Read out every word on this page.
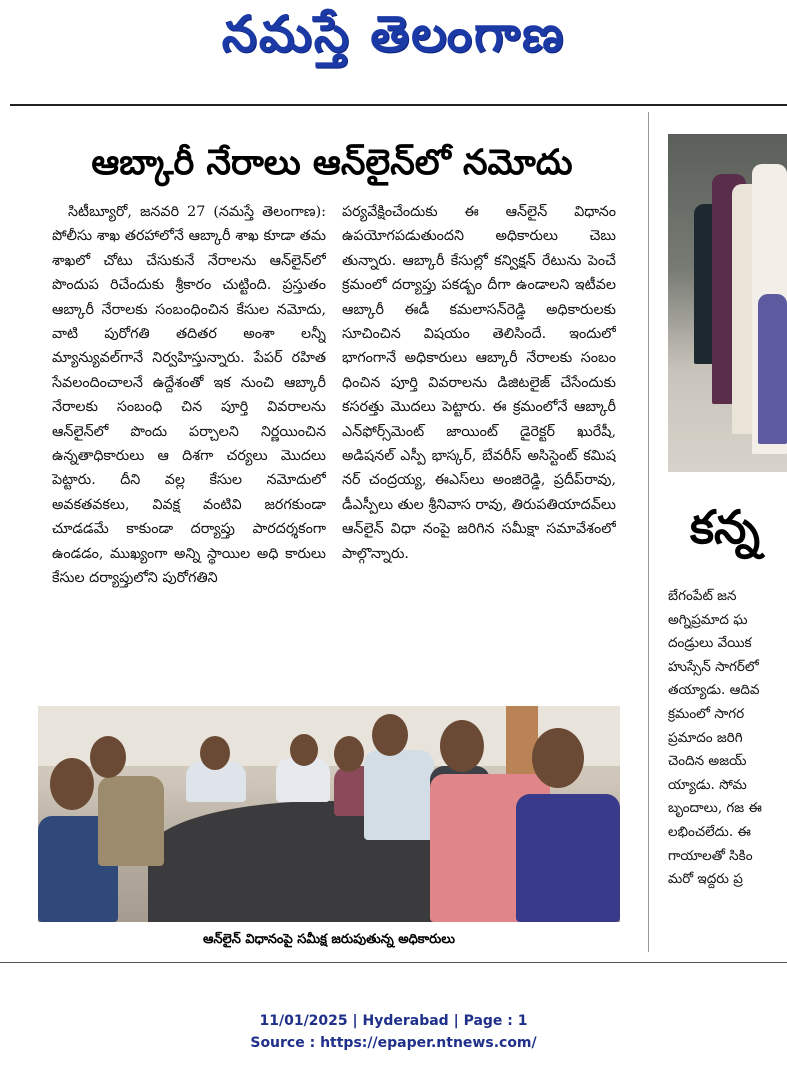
నమస్తే తెలంగాణ
ఆబ్కారీ నేరాలు ఆన్‌లైన్‌లో నమోదు

సిటీబ్యూరో, జనవరి 27 (నమస్తే తెలంగాణ): పోలీసు శాఖ తరహాలోనే ఆబ్కారీ శాఖ కూడా తమ శాఖలో చోటు చేసుకునే నేరాలను ఆన్‌లైన్‌లో పొందుప రిచేందుకు శ్రీకారం చుట్టింది. ప్రస్తుతం ఆబ్కారీ నేరాలకు సంబంధించిన కేసుల నమోదు, వాటి పురోగతి తదితర అంశా లన్నీ మ్యాన్యువల్‌గానే నిర్వహిస్తున్నారు. పేపర్ రహిత సేవలందించాలనే ఉద్దేశంతో ఇక నుంచి ఆబ్కారీ నేరాలకు సంబంధి చిన పూర్తి వివరాలను ఆన్‌లైన్‌లో పొందు పర్చాలని నిర్ణయించిన ఉన్నతాధికారులు ఆ దిశగా చర్యలు మొదలు పెట్టారు. దీని వల్ల కేసుల నమోదులో అవకతవకలు, వివక్ష వంటివి జరగకుండా చూడడమే కాకుండా దర్యాప్తు పారదర్శకంగా ఉండడం, ముఖ్యంగా అన్ని స్థాయిల అధి కారులు కేసుల దర్యాప్తులోని పురోగతిని

పర్యవేక్షించేందుకు ఈ ఆన్‌లైన్ విధానం ఉపయోగపడుతుందని అధికారులు చెబు తున్నారు. ఆబ్కారీ కేసుల్లో కన్విక్షన్ రేటును పెంచే క్రమంలో దర్యాప్తు పకడ్బం దీగా ఉండాలని ఇటీవల ఆబ్కారీ ఈడీ కమలాసన్‌రెడ్డి అధికారులకు సూచించిన విషయం తెలిసిందే. ఇందులో భాగంగానే అధికారులు ఆబ్కారీ నేరాలకు సంబం ధించిన పూర్తి వివరాలను డిజిటలైజ్ చేసేందుకు కసరత్తు మొదలు పెట్టారు. ఈ క్రమంలోనే ఆబ్కారీ ఎన్‌ఫోర్స్‌మెంట్ జాయింట్ డైరెక్టర్ ఖురేషీ, అడిషనల్ ఎస్పీ భాస్కర్, బేవరీస్ అసిస్టెంట్ కమిష నర్ చంద్రయ్య, ఈఎస్‌లు అంజిరెడ్డి, ప్రదీప్‌రావు, డీఎస్పీలు తుల శ్రీనివాస రావు, తిరుపతియాదవ్‌లు ఆన్‌లైన్ విధా నంపై జరిగిన సమీక్షా సమావేశంలో పాల్గొన్నారు.

ఆన్‌లైన్ విధానంపై సమీక్ష జరుపుతున్న అధికారులు

కన్న
బేగంపేట్ జన
అగ్నిప్రమాద ఘ
దండ్రులు వేయిక
హుస్సేన్ సాగర్‌లో
తయ్యాడు. ఆదివ
క్రమంలో సాగర
ప్రమాదం జరిగి
చెందిన అజయ్
య్యాడు. సోమ
బృందాలు, గజ ఈ
లభించలేదు. ఈ
గాయాలతో సికిం
మరో ఇద్దరు ప్ర
11/01/2025 | Hyderabad | Page : 1
Source : https://epaper.ntnews.com/
